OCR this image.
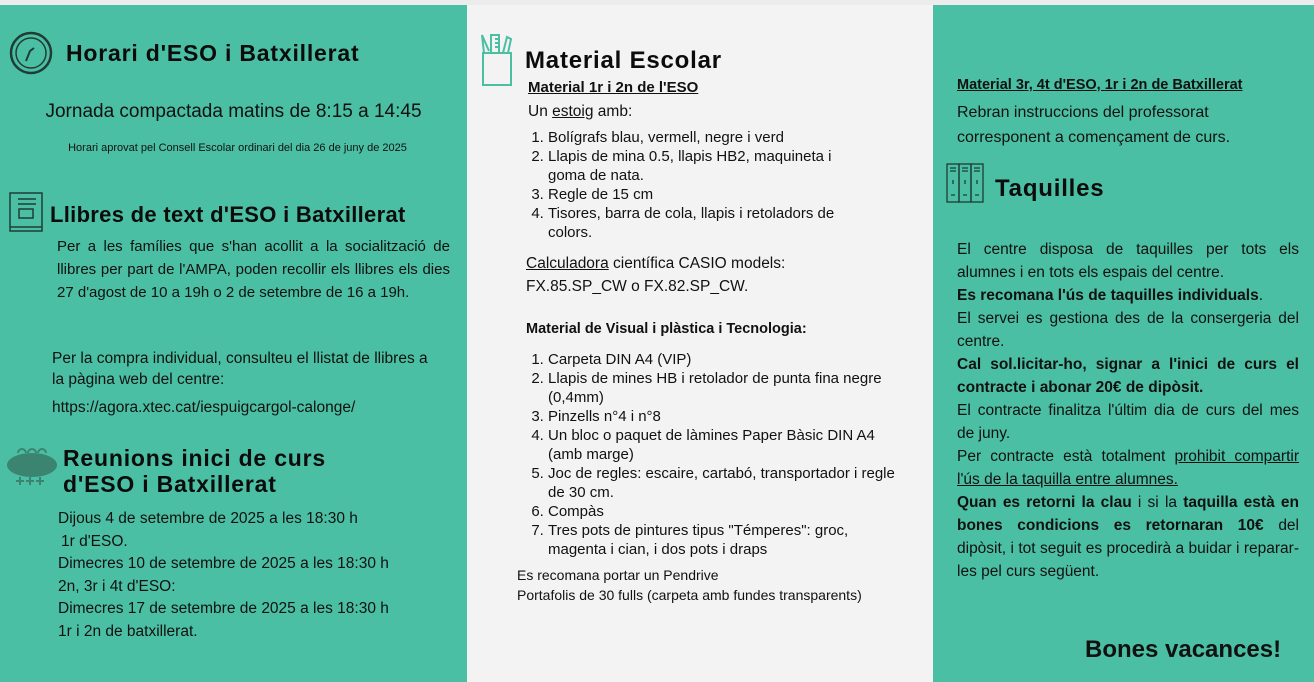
Horari d'ESO i Batxillerat
Jornada compactada matins de 8:15 a 14:45
Horari aprovat pel Consell Escolar ordinari del dia 26 de juny de 2025
Llibres de text d'ESO i Batxillerat
Per a les famílies que s'han acollit a la socialització de llibres per part de l'AMPA, poden recollir els llibres els dies 27 d'agost de 10 a 19h o 2 de setembre de 16 a 19h.
Per la compra individual, consulteu el llistat de llibres a la pàgina web del centre:
https://agora.xtec.cat/iespuigcargol-calonge/
Reunions inici de curs
d'ESO i Batxillerat
Dijous 4 de setembre de 2025 a les 18:30 h
1r d'ESO.
Dimecres 10 de setembre de 2025 a les 18:30 h
2n, 3r i 4t d'ESO:
Dimecres 17 de setembre de 2025 a les 18:30 h
1r i 2n de batxillerat.
Material Escolar
Material 1r i 2n de l'ESO
Un estoig amb:
1. Bolígrafs blau, vermell, negre i verd
2. Llapis de mina 0.5, llapis HB2, maquineta i goma de nata.
3. Regle de 15 cm
4. Tisores, barra de cola, llapis i retoladors de colors.
Calculadora científica CASIO models:
FX.85.SP_CW o FX.82.SP_CW.
Material de Visual i plàstica i Tecnologia:
1. Carpeta DIN A4 (VIP)
2. Llapis de mines HB i retolador de punta fina negre (0,4mm)
3. Pinzells n°4 i n°8
4. Un bloc o paquet de làmines Paper Bàsic DIN A4 (amb marge)
5. Joc de regles: escaire, cartabó, transportador i regle de 30 cm.
6. Compàs
7. Tres pots de pintures tipus "Témperes": groc, magenta i cian, i dos pots i draps
Es recomana portar un Pendrive
Portafolis de 30 fulls (carpeta amb fundes transparents)
Material 3r, 4t d'ESO, 1r i 2n de Batxillerat
Rebran instruccions del professorat corresponent a començament de curs.
Taquilles
El centre disposa de taquilles per tots els alumnes i en tots els espais del centre.
Es recomana l'ús de taquilles individuals.
El servei es gestiona des de la consergeria del centre.
Cal sol.licitar-ho, signar a l'inici de curs el contracte i abonar 20€ de dipòsit.
El contracte finalitza l'últim dia de curs del mes de juny.
Per contracte està totalment prohibit compartir l'ús de la taquilla entre alumnes.
Quan es retorni la clau i si la taquilla està en bones condicions es retornaran 10€ del dipòsit, i tot seguit es procedirà a buidar i reparar-les pel curs següent.
Bones vacances!
